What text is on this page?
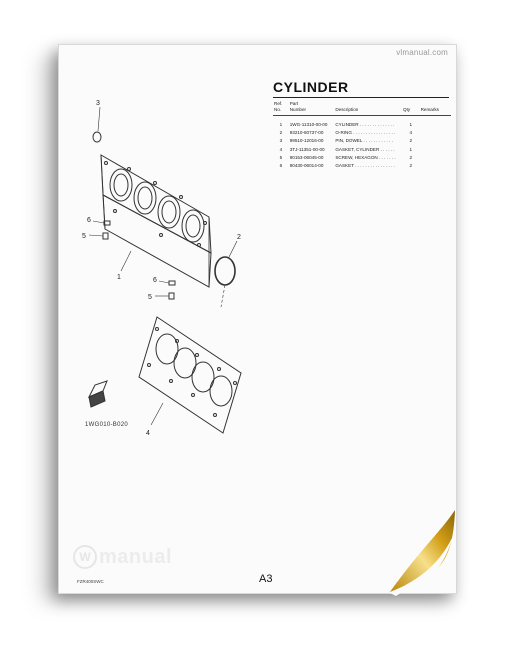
vlmanual.com
CYLINDER
Ref.	Part			
No.	Number	Description	Qty	Remarks
1	1WG-11310-00-00	CYLINDER . . . . . . . . . . . . . .	1	
2	93210-60737-00	O-RING . . . . . . . . . . . . . . . . .	4	
3	99510-12016-00	PIN, DOWEL . . . . . . . . . . . .	2	
4	3TJ-11351-00-00	GASKET, CYLINDER . . . . . .	1	
5	90153-06045-00	SCREW, HEXAGON . . . . . . .	2	
6	90430-06014-00	GASKET . . . . . . . . . . . . . . . .	2	
3
6
5
1
2
6
5
4
1WG010-B020
W manual
FZR400SWC	A3
